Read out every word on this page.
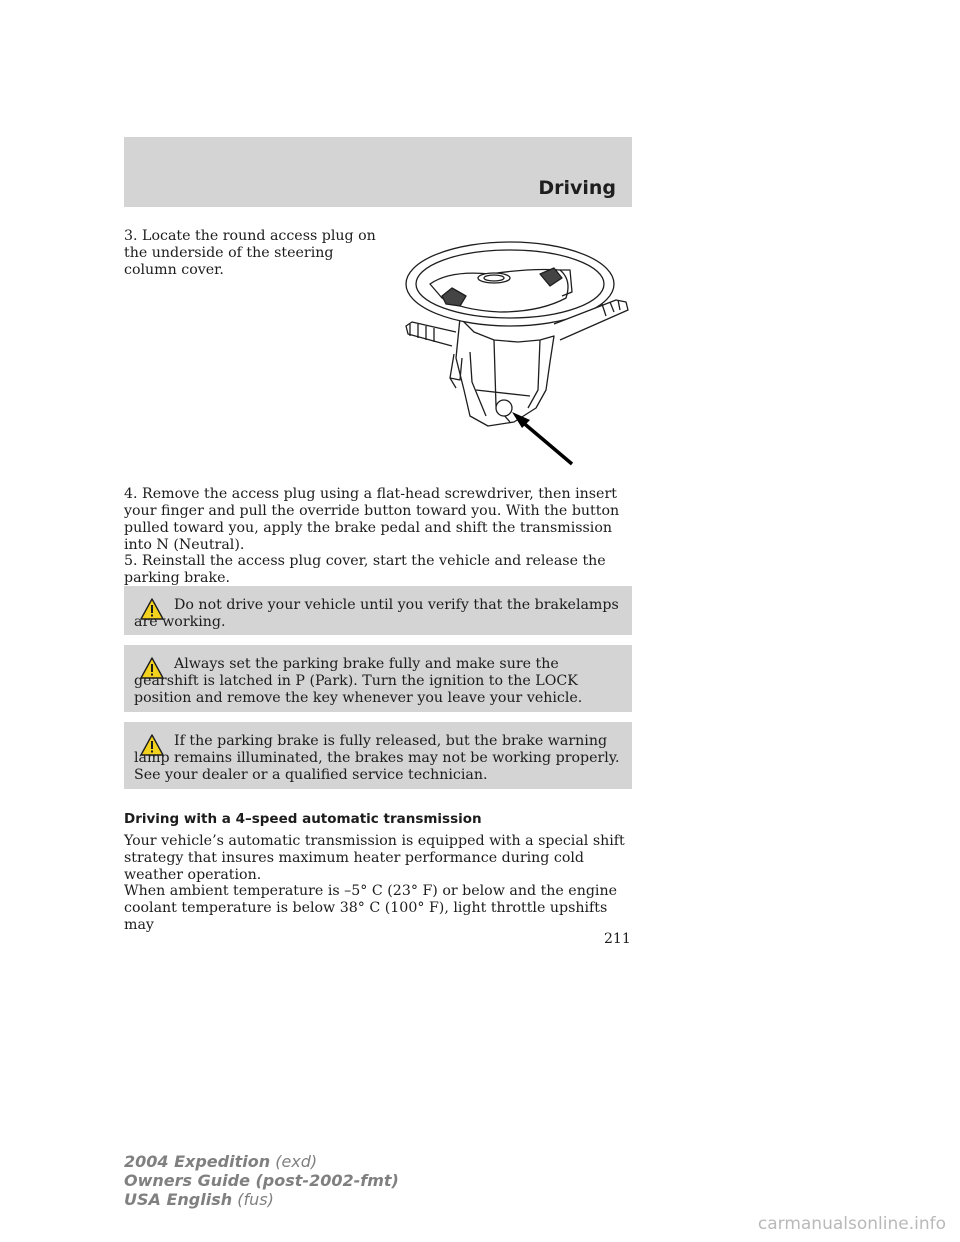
Driving

3. Locate the round access plug on the underside of the steering column cover.

4. Remove the access plug using a flat-head screwdriver, then insert your finger and pull the override button toward you. With the button pulled toward you, apply the brake pedal and shift the transmission into N (Neutral).

5. Reinstall the access plug cover, start the vehicle and release the parking brake.

Do not drive your vehicle until you verify that the brakelamps are working.

Always set the parking brake fully and make sure the gearshift is latched in P (Park). Turn the ignition to the LOCK position and remove the key whenever you leave your vehicle.

If the parking brake is fully released, but the brake warning lamp remains illuminated, the brakes may not be working properly. See your dealer or a qualified service technician.

Driving with a 4–speed automatic transmission

Your vehicle’s automatic transmission is equipped with a special shift strategy that insures maximum heater performance during cold weather operation.

When ambient temperature is –5° C (23° F) or below and the engine coolant temperature is below 38° C (100° F), light throttle upshifts may

211
2004 Expedition (exd)
Owners Guide (post-2002-fmt)
USA English (fus)
carmanualsonline.info
